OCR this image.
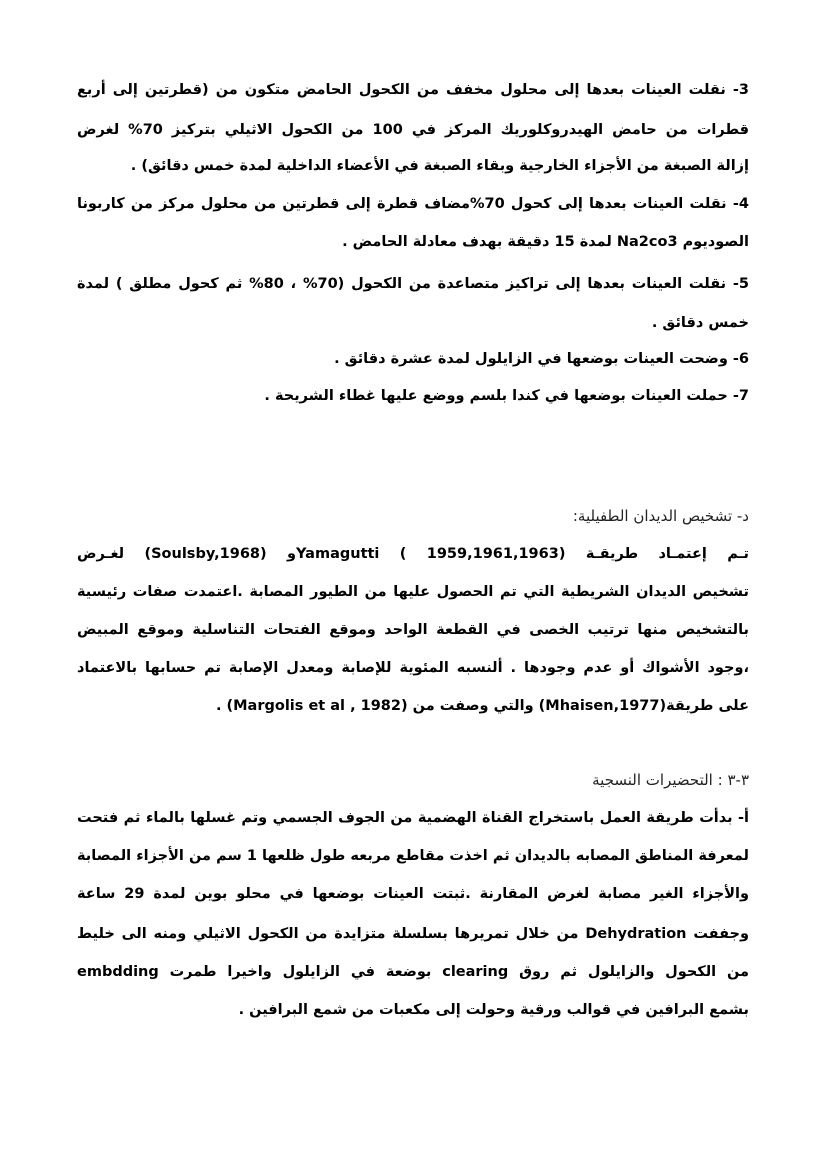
3- نقلت العينات بعدها إلى محلول مخفف من الكحول الحامض متكون من (قطرتين إلى أربع
قطرات من حامض الهيدروكلوريك المركز في 100 من الكحول الاثيلي بتركيز 70% لغرض
إزالة الصبغة من الأجزاء الخارجية وبقاء الصبغة في الأعضاء الداخلية لمدة خمس دقائق) .
4- نقلت العينات بعدها إلى كحول 70%مضاف قطرة إلى قطرتين من محلول مركز من كاربونا
الصوديوم Na2co3 لمدة 15 دقيقة بهدف معادلة الحامض .
5- نقلت العينات بعدها إلى تراكيز متصاعدة من الكحول (70% ، 80% ثم كحول مطلق ) لمدة
خمس دقائق .
6- وضحت العينات بوضعها في الزايلول لمدة عشرة دقائق .
7- حملت العينات بوضعها في كندا بلسم ووضع عليها غطاء الشريحة .
د- تشخيص الديدان الطفيلية:
تـم إعتمـاد طريقـة (Yamagutti ( 1959,1961,1963و (Soulsby,1968) لغـرض
تشخيص الديدان الشريطية التي تم الحصول عليها من الطيور المصابة .اعتمدت صفات رئيسية
بالتشخيص منها ترتيب الخصى في القطعة الواحد وموقع الفتحات التناسلية وموقع المبيض
،وجود الأشواك أو عدم وجودها . ألنسبه المئوية للإصابة ومعدل الإصابة تم حسابها بالاعتماد
على طريقة(Mhaisen,1977) والتي وصفت من (Margolis et al , 1982) .
٣-٣ : التحضيرات النسجية
أ- بدأت طريقة العمل باستخراج القناة الهضمية من الجوف الجسمي وتم غسلها بالماء ثم فتحت
لمعرفة المناطق المصابه بالديدان ثم اخذت مقاطع مربعه طول ظلعها 1 سم من الأجزاء المصابة
والأجزاء الغير مصابة لغرض المقارنة .ثبتت العينات بوضعها في محلو بوين لمدة 29 ساعة
وجففت Dehydration من خلال تمريرها بسلسلة متزايدة من الكحول الاثيلي ومنه الى خليط
من الكحول والزايلول ثم روق clearing بوضعة في الزايلول واخيرا طمرت embdding
بشمع البرافين في قوالب ورقية وحولت إلى مكعبات من شمع البرافين .
